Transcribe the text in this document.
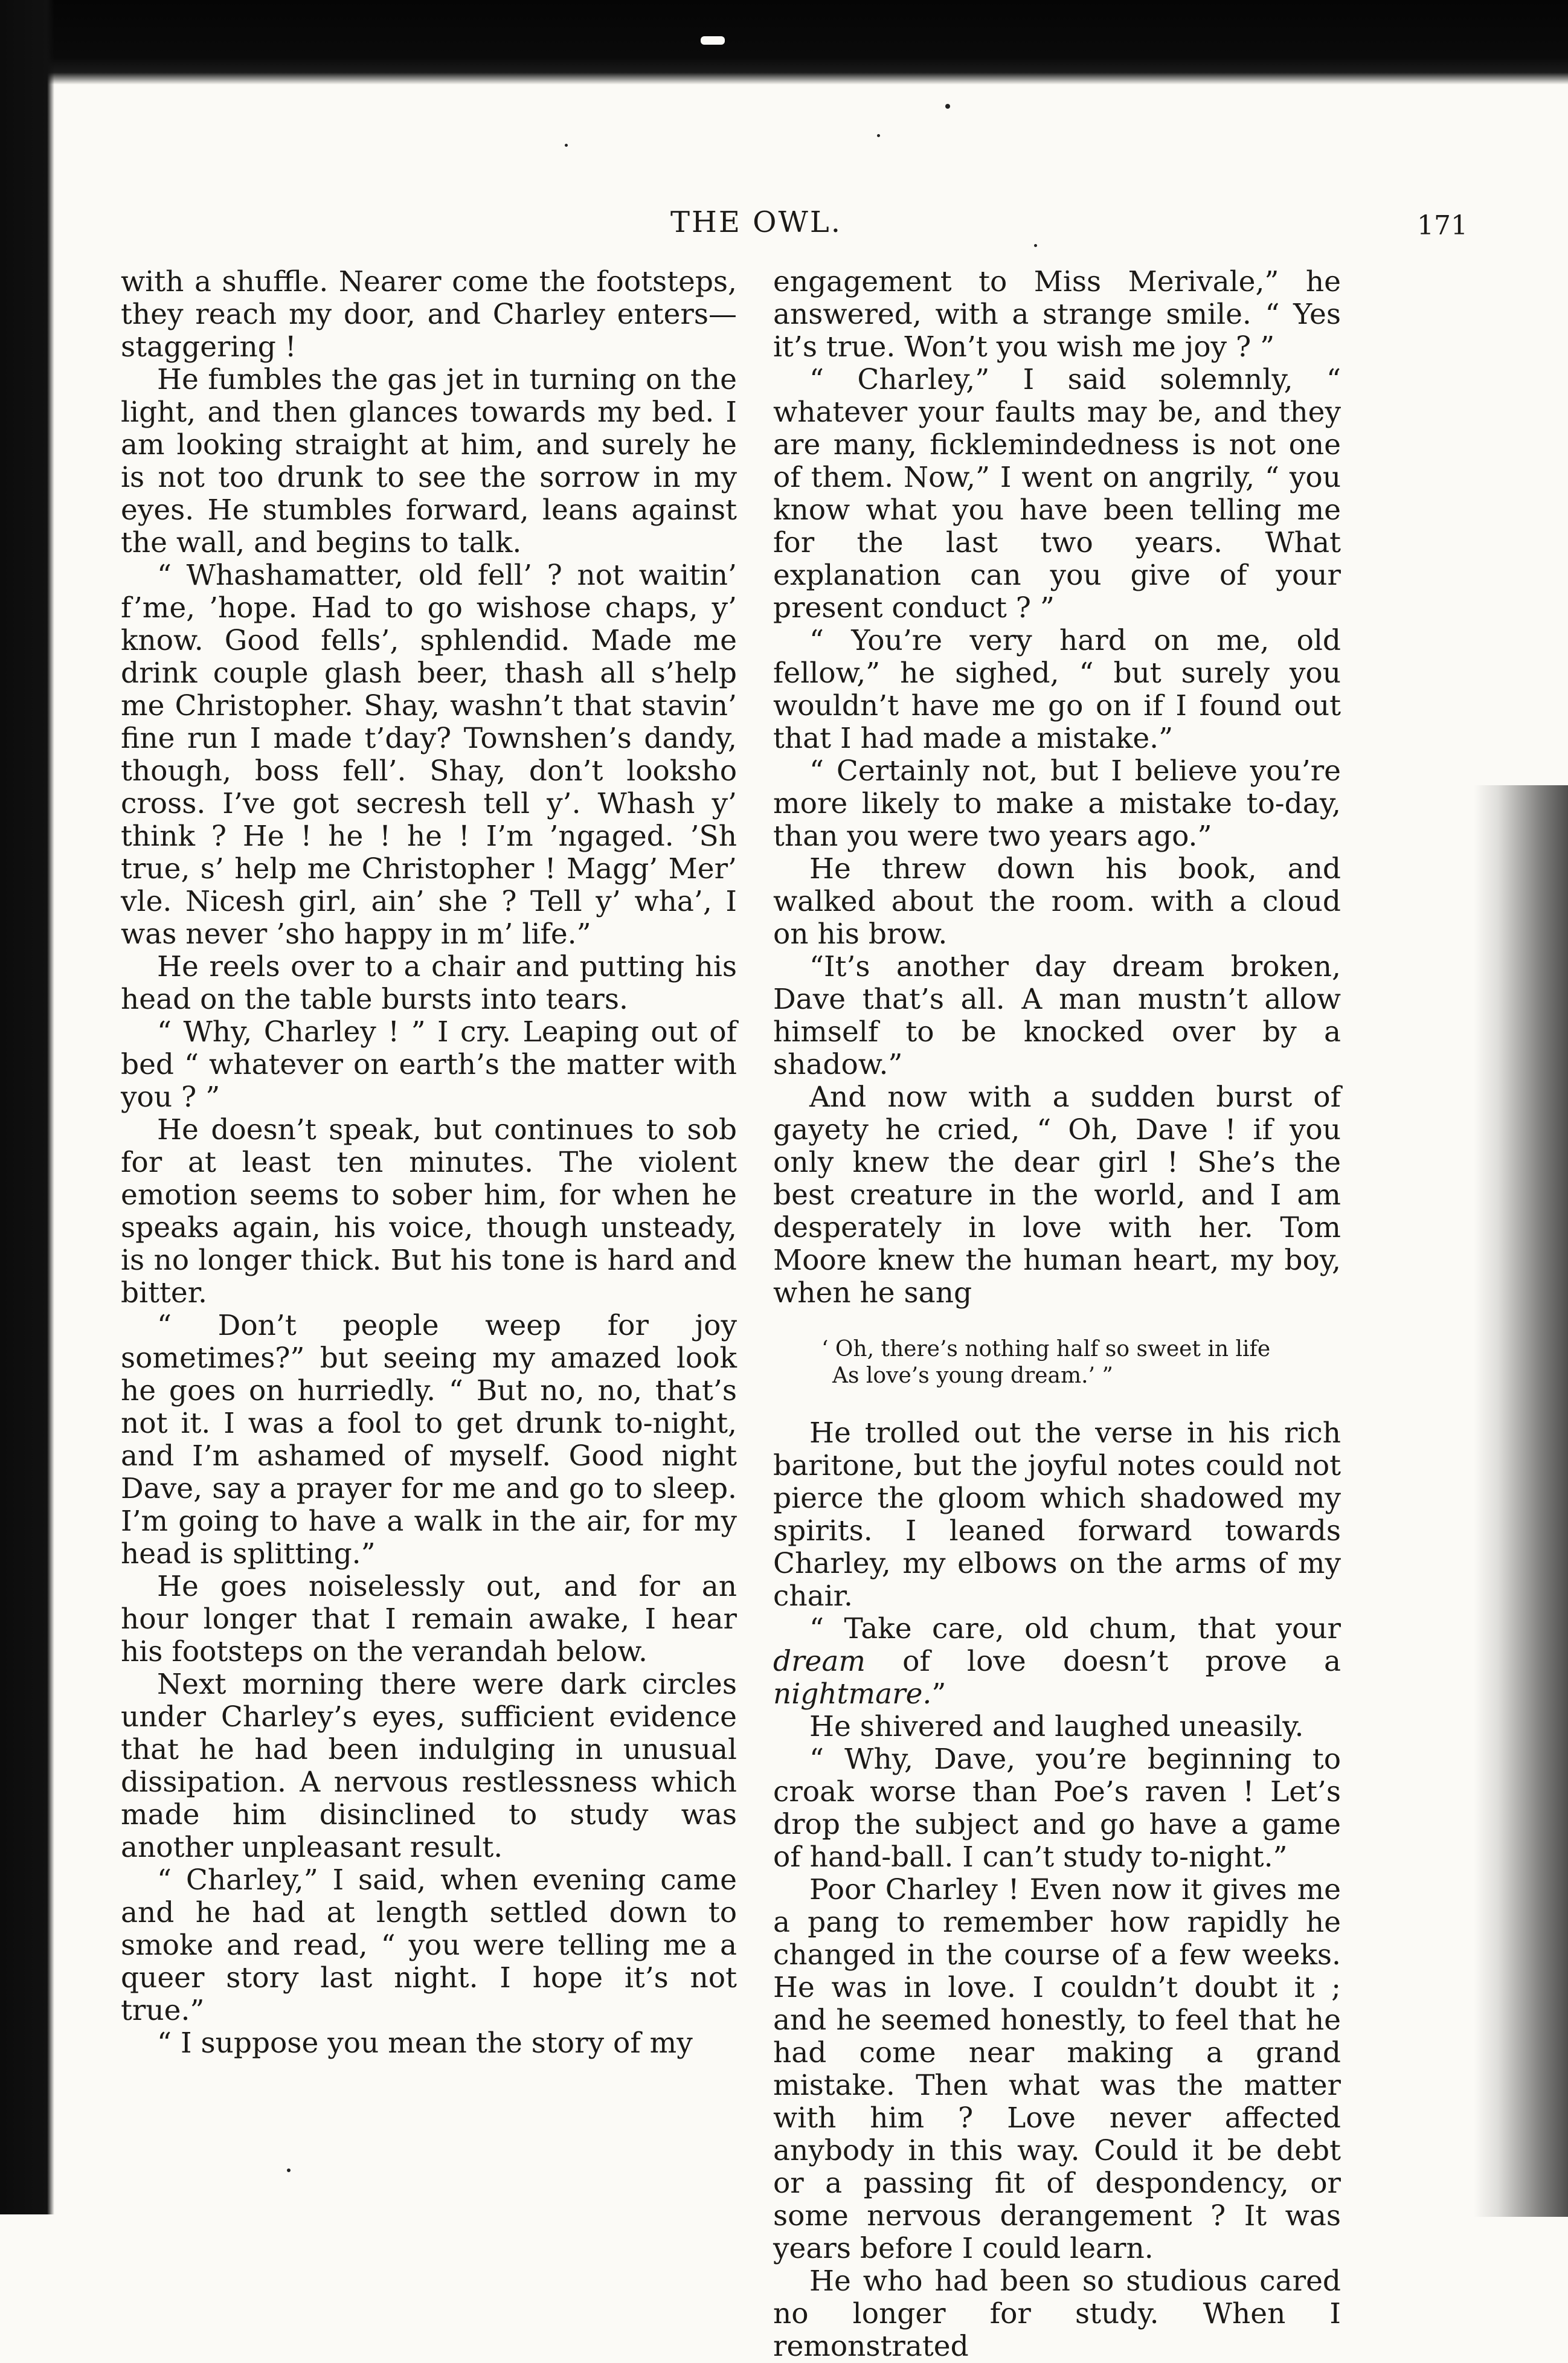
THE OWL.	171

with a shuffle. Nearer come the footsteps, they reach my door, and Charley enters—staggering !

He fumbles the gas jet in turning on the light, and then glances towards my bed. I am looking straight at him, and surely he is not too drunk to see the sorrow in my eyes. He stumbles forward, leans against the wall, and begins to talk.

“ Whashamatter, old fell’ ? not waitin’ f’me, ’hope. Had to go wishose chaps, y’ know. Good fells’, sphlendid. Made me drink couple glash beer, thash all s’help me Christopher. Shay, washn’t that stavin’ fine run I made t’day? Townshen’s dandy, though, boss fell’. Shay, don’t looksho cross. I’ve got secresh tell y’. Whash y’ think ? He ! he ! he ! I’m ’ngaged. ’Sh true, s’ help me Christopher ! Magg’ Mer’ vle. Nicesh girl, ain’ she ? Tell y’ wha’, I was never ’sho happy in m’ life.”

He reels over to a chair and putting his head on the table bursts into tears.

“ Why, Charley ! ” I cry. Leaping out of bed “ whatever on earth’s the matter with you ? ”

He doesn’t speak, but continues to sob for at least ten minutes. The violent emotion seems to sober him, for when he speaks again, his voice, though unsteady, is no longer thick. But his tone is hard and bitter.

“ Don’t people weep for joy sometimes?” but seeing my amazed look he goes on hurriedly. “ But no, no, that’s not it. I was a fool to get drunk to-night, and I’m ashamed of myself. Good night Dave, say a prayer for me and go to sleep. I’m going to have a walk in the air, for my head is splitting.”

He goes noiselessly out, and for an hour longer that I remain awake, I hear his footsteps on the verandah below.

Next morning there were dark circles under Charley’s eyes, sufficient evidence that he had been indulging in unusual dissipation. A nervous restlessness which made him disinclined to study was another unpleasant result.

“ Charley,” I said, when evening came and he had at length settled down to smoke and read, “ you were telling me a queer story last night. I hope it’s not true.”

“ I suppose you mean the story of my

engagement to Miss Merivale,” he answered, with a strange smile. “ Yes it’s true. Won’t you wish me joy ? ”

“ Charley,” I said solemnly, “ whatever your faults may be, and they are many, ficklemindedness is not one of them. Now,” I went on angrily, “ you know what you have been telling me for the last two years. What explanation can you give of your present conduct ? ”

“ You’re very hard on me, old fellow,” he sighed, “ but surely you wouldn’t have me go on if I found out that I had made a mistake.”

“ Certainly not, but I believe you’re more likely to make a mistake to-day, than you were two years ago.”

He threw down his book, and walked about the room. with a cloud on his brow.

“It’s another day dream broken, Dave that’s all. A man mustn’t allow himself to be knocked over by a shadow.”

And now with a sudden burst of gayety he cried, “ Oh, Dave ! if you only knew the dear girl ! She’s the best creature in the world, and I am desperately in love with her. Tom Moore knew the human heart, my boy, when he sang

‘ Oh, there’s nothing half so sweet in life
As love’s young dream.’ ”

He trolled out the verse in his rich baritone, but the joyful notes could not pierce the gloom which shadowed my spirits. I leaned forward towards Charley, my elbows on the arms of my chair.

“ Take care, old chum, that your dream of love doesn’t prove a nightmare.”

He shivered and laughed uneasily.

“ Why, Dave, you’re beginning to croak worse than Poe’s raven ! Let’s drop the subject and go have a game of hand-ball. I can’t study to-night.”

Poor Charley ! Even now it gives me a pang to remember how rapidly he changed in the course of a few weeks. He was in love. I couldn’t doubt it ; and he seemed honestly, to feel that he had come near making a grand mistake. Then what was the matter with him ? Love never affected anybody in this way. Could it be debt or a passing fit of despondency, or some nervous derangement ? It was years before I could learn.

He who had been so studious cared no longer for study. When I remonstrated
